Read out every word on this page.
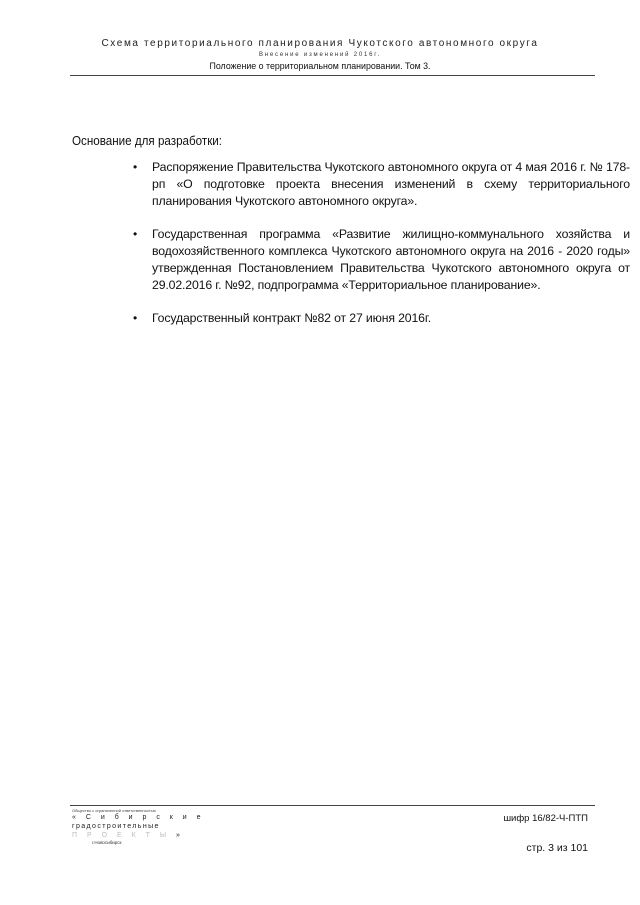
Схема территориального планирования Чукотского автономного округа
Внесение изменений 2016г.
Положение о территориальном планировании. Том 3.
Основание для разработки:
• Распоряжение Правительства Чукотского автономного округа от 4 мая 2016 г. № 178-рп «О подготовке проекта внесения изменений в схему территориального планирования Чукотского автономного округа».
• Государственная программа «Развитие жилищно-коммунального хозяйства и водохозяйственного комплекса Чукотского автономного округа на 2016 - 2020 годы» утвержденная Постановлением Правительства Чукотского автономного округа от 29.02.2016 г. №92, подпрограмма «Территориальное планирование».
• Государственный контракт №82 от 27 июня 2016г.
Общество с ограниченной ответственностью
« С и б и р с к и е
градостроительные
П Р О Е К Т Ы »
г.Новосибирск
шифр 16/82-Ч-ПТП
стр. 3 из 101
